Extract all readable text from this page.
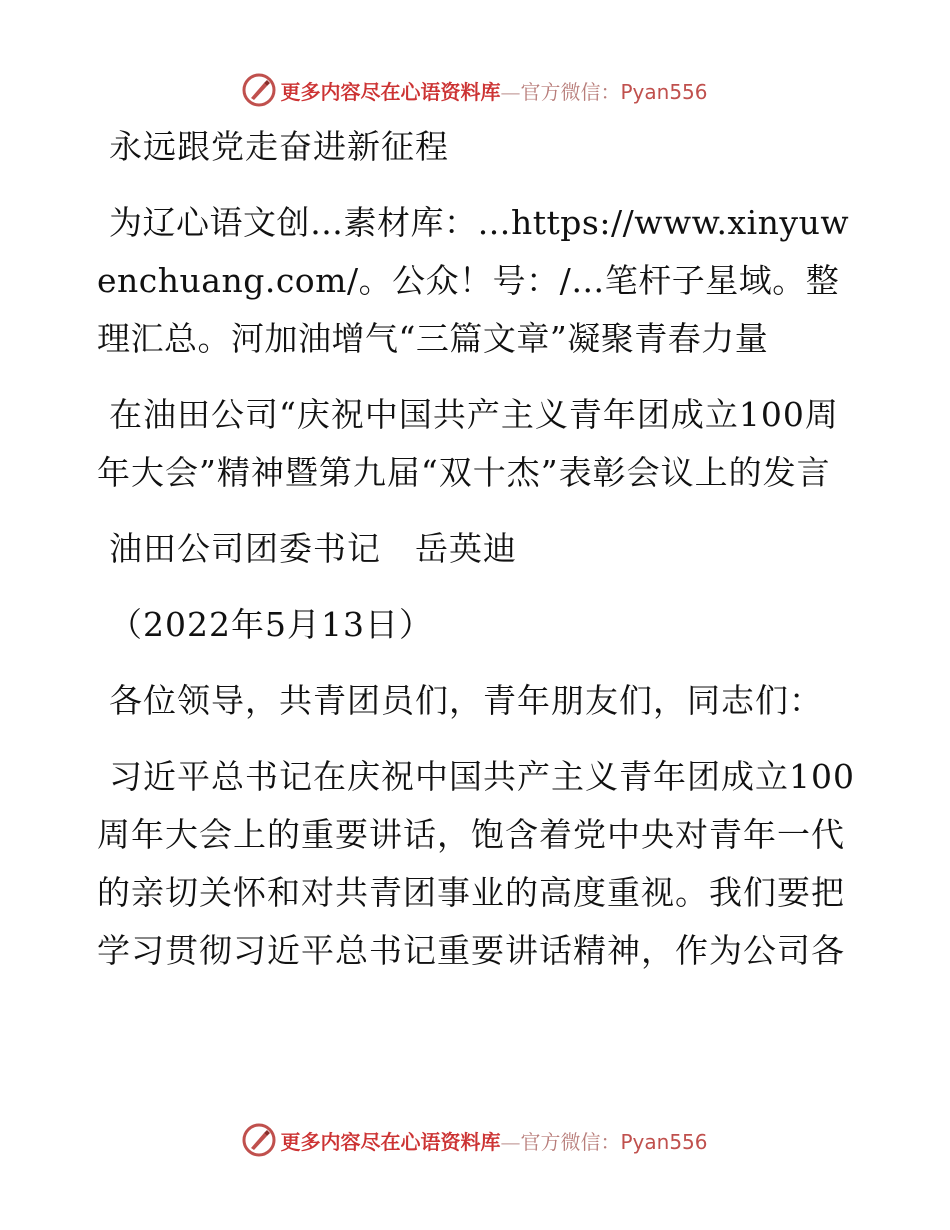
更多内容尽在心语资料库—官方微信：Pyan556

永远跟党走奋进新征程

为辽心语文创…素材库：…https://www.xinyuwenchuang.com/。公众！号：/…笔杆子星域。整理汇总。河加油增气“三篇文章”凝聚青春力量

在油田公司“庆祝中国共产主义青年团成立100周年大会”精神暨第九届“双十杰”表彰会议上的发言

油田公司团委书记　岳英迪

（2022年5月13日）

各位领导，共青团员们，青年朋友们，同志们：

习近平总书记在庆祝中国共产主义青年团成立100周年大会上的重要讲话，饱含着党中央对青年一代的亲切关怀和对共青团事业的高度重视。我们要把学习贯彻习近平总书记重要讲话精神，作为公司各

更多内容尽在心语资料库—官方微信：Pyan556
